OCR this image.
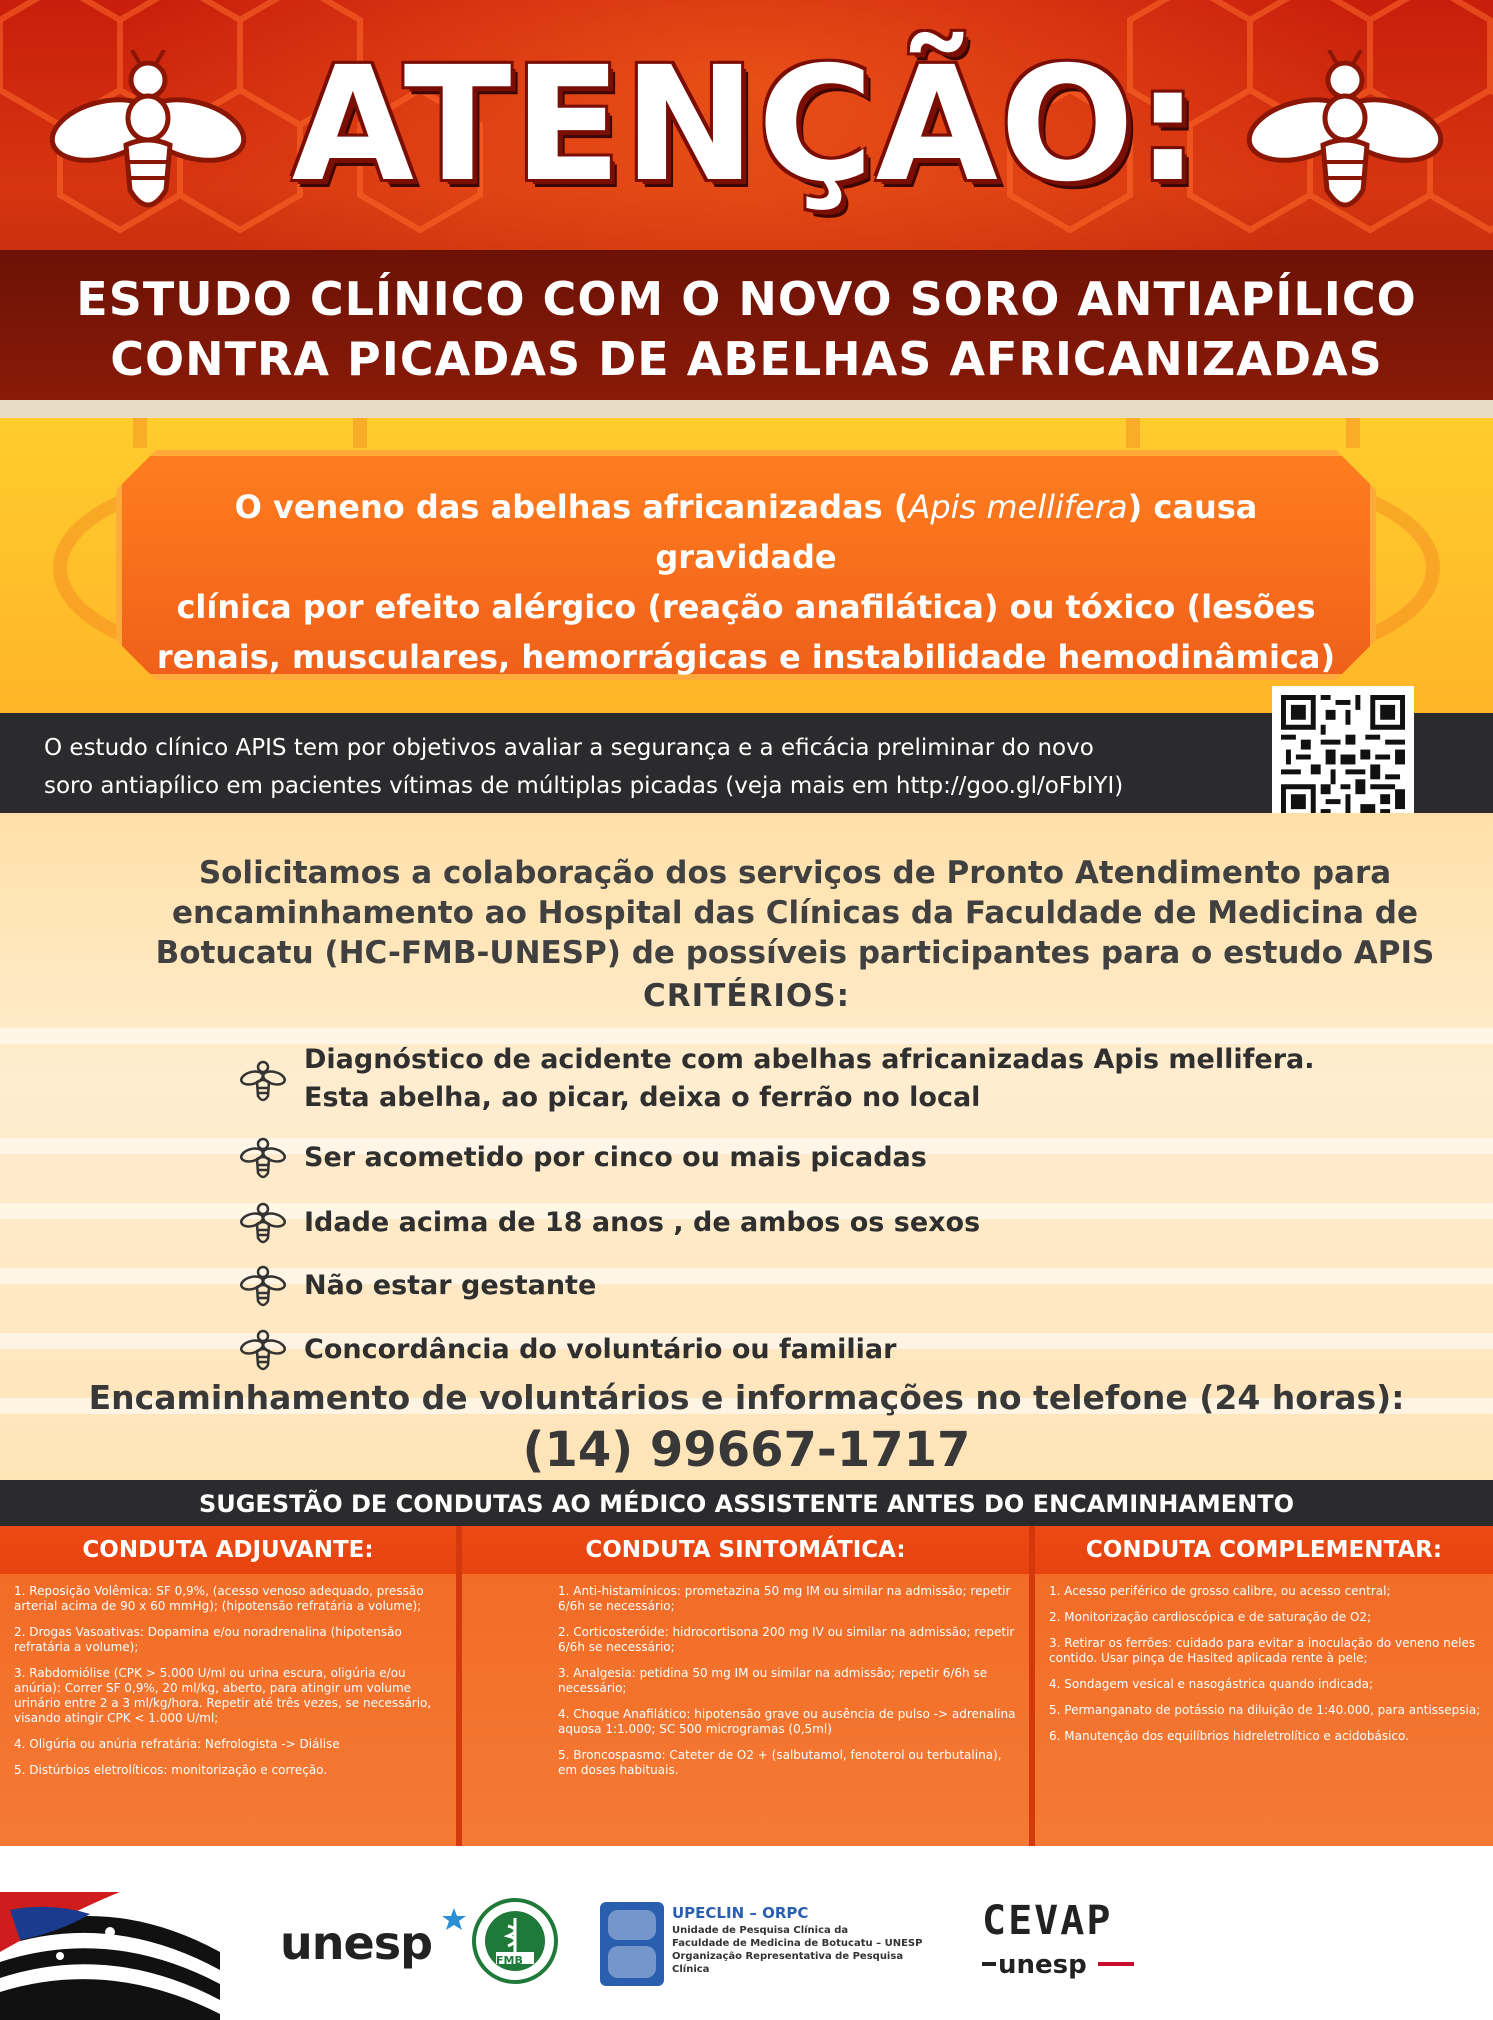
ATENÇÃO:
ESTUDO CLÍNICO COM O NOVO SORO ANTIAPÍLICO
CONTRA PICADAS DE ABELHAS AFRICANIZADAS
O veneno das abelhas africanizadas (Apis mellifera) causa gravidade
clínica por efeito alérgico (reação anafilática) ou tóxico (lesões
renais, musculares, hemorrágicas e instabilidade hemodinâmica)
O estudo clínico APIS tem por objetivos avaliar a segurança e a eficácia preliminar do novo
soro antiapílico em pacientes vítimas de múltiplas picadas (veja mais em http://goo.gl/oFbIYI)
Solicitamos a colaboração dos serviços de Pronto Atendimento para
encaminhamento ao Hospital das Clínicas da Faculdade de Medicina de
Botucatu (HC-FMB-UNESP) de possíveis participantes para o estudo APIS
CRITÉRIOS:
Diagnóstico de acidente com abelhas africanizadas Apis mellifera.
Esta abelha, ao picar, deixa o ferrão no local
Ser acometido por cinco ou mais picadas
Idade acima de 18 anos , de ambos os sexos
Não estar gestante
Concordância do voluntário ou familiar
Encaminhamento de voluntários e informações no telefone (24 horas):
(14) 99667-1717
SUGESTÃO DE CONDUTAS AO MÉDICO ASSISTENTE ANTES DO ENCAMINHAMENTO
CONDUTA ADJUVANTE:
1. Reposição Volêmica: SF 0,9%, (acesso venoso adequado, pressão arterial acima de 90 x 60 mmHg); (hipotensão refratária a volume);
2. Drogas Vasoativas: Dopamina e/ou noradrenalina (hipotensão refratária a volume);
3. Rabdomiólise (CPK > 5.000 U/ml ou urina escura, oligúria e/ou anúria): Correr SF 0,9%, 20 ml/kg, aberto, para atingir um volume urinário entre 2 a 3 ml/kg/hora. Repetir até três vezes, se necessário, visando atingir CPK < 1.000 U/ml;
4. Oligúria ou anúria refratária: Nefrologista -> Diálise
5. Distúrbios eletrolíticos: monitorização e correção.
CONDUTA SINTOMÁTICA:
1. Anti-histamínicos: prometazina 50 mg IM ou similar na admissão; repetir 6/6h se necessário;
2. Corticosteróide: hidrocortisona 200 mg IV ou similar na admissão; repetir 6/6h se necessário;
3. Analgesia: petidina 50 mg IM ou similar na admissão; repetir 6/6h se necessário;
4. Choque Anafilático: hipotensão grave ou ausência de pulso -> adrenalina aquosa 1:1.000; SC 500 microgramas (0,5ml)
5. Broncospasmo: Cateter de O2 + (salbutamol, fenoterol ou terbutalina), em doses habituais.
CONDUTA COMPLEMENTAR:
1. Acesso periférico de grosso calibre, ou acesso central;
2. Monitorização cardioscópica e de saturação de O2;
3. Retirar os ferrões: cuidado para evitar a inoculação do veneno neles contido. Usar pinça de Hasited aplicada rente à pele;
4. Sondagem vesical e nasogástrica quando indicada;
5. Permanganato de potássio na diluição de 1:40.000, para antissepsia;
6. Manutenção dos equilíbrios hidreletrolítico e acidobásico.
unesp	FMB
UPECLIN – ORPC
Unidade de Pesquisa Clínica da
Faculdade de Medicina de Botucatu – UNESP
Organização Representativa de Pesquisa Clínica
CEVAP
unesp
